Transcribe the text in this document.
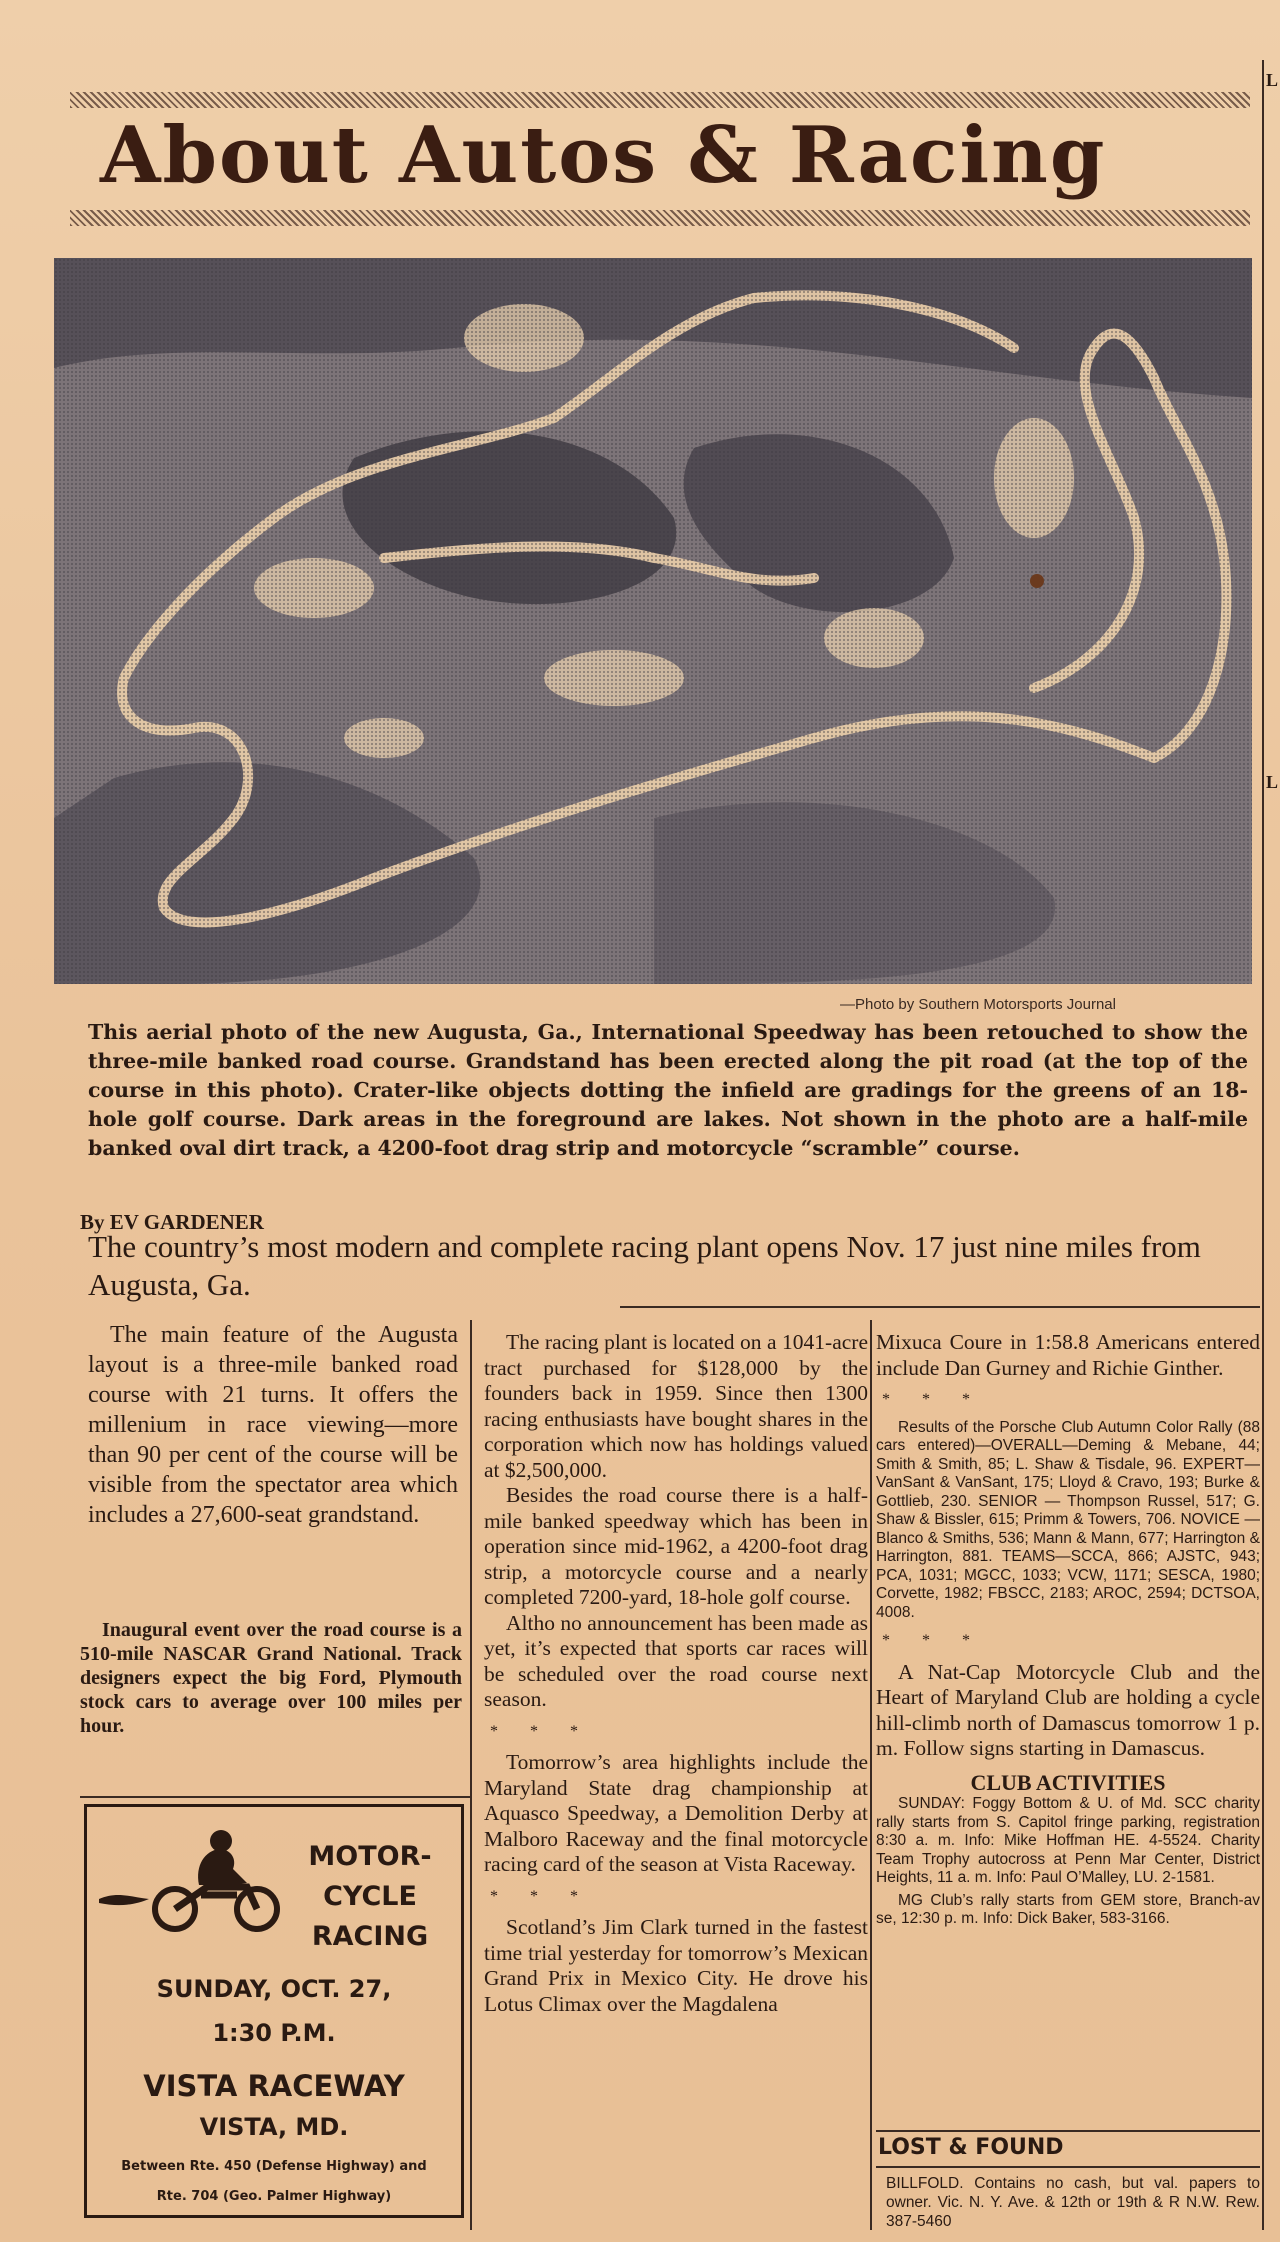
About Autos & Racing
—Photo by Southern Motorsports Journal
This aerial photo of the new Augusta, Ga., International Speedway has been retouched to show the three-mile banked road course. Grandstand has been erected along the pit road (at the top of the course in this photo). Crater-like objects dotting the infield are gradings for the greens of an 18-hole golf course. Dark areas in the foreground are lakes. Not shown in the photo are a half-mile banked oval dirt track, a 4200-foot drag strip and motorcycle “scramble” course.
By EV GARDENER
The country’s most modern and complete racing plant opens Nov. 17 just nine miles from Augusta, Ga.

The main feature of the Augusta layout is a three-mile banked road course with 21 turns. It offers the millenium in race viewing—more than 90 per cent of the course will be visible from the spectator area which includes a 27,600-seat grandstand.

Inaugural event over the road course is a 510-mile NASCAR Grand National. Track designers expect the big Ford, Plymouth stock cars to average over 100 miles per hour.

The racing plant is located on a 1041-acre tract purchased for $128,000 by the founders back in 1959. Since then 1300 racing enthusiasts have bought shares in the corporation which now has holdings valued at $2,500,000.

Besides the road course there is a half-mile banked speedway which has been in operation since mid-1962, a 4200-foot drag strip, a motorcycle course and a nearly completed 7200-yard, 18-hole golf course.

Altho no announcement has been made as yet, it’s expected that sports car races will be scheduled over the road course next season.

* * *

Tomorrow’s area highlights include the Maryland State drag championship at Aquasco Speedway, a Demolition Derby at Malboro Raceway and the final motorcycle racing card of the season at Vista Raceway.

* * *

Scotland’s Jim Clark turned in the fastest time trial yesterday for tomorrow’s Mexican Grand Prix in Mexico City. He drove his Lotus Climax over the Magdalena

Mixuca Coure in 1:58.8 Americans entered include Dan Gurney and Richie Ginther.

* * *

Results of the Porsche Club Autumn Color Rally (88 cars entered)—OVERALL—Deming & Mebane, 44; Smith & Smith, 85; L. Shaw & Tisdale, 96. EXPERT—VanSant & VanSant, 175; Lloyd & Cravo, 193; Burke & Gottlieb, 230. SENIOR — Thompson Russel, 517; G. Shaw & Bissler, 615; Primm & Towers, 706. NOVICE — Blanco & Smiths, 536; Mann & Mann, 677; Harrington & Harrington, 881. TEAMS—SCCA, 866; AJSTC, 943; PCA, 1031; MGCC, 1033; VCW, 1171; SESCA, 1980; Corvette, 1982; FBSCC, 2183; AROC, 2594; DCTSOA, 4008.

* * *

A Nat-Cap Motorcycle Club and the Heart of Maryland Club are holding a cycle hill-climb north of Damascus tomorrow 1 p. m. Follow signs starting in Damascus.

CLUB ACTIVITIES

SUNDAY: Foggy Bottom & U. of Md. SCC charity rally starts from S. Capitol fringe parking, registration 8:30 a. m. Info: Mike Hoffman HE. 4-5524. Charity Team Trophy autocross at Penn Mar Center, District Heights, 11 a. m. Info: Paul O’Malley, LU. 2-1581.

MG Club’s rally starts from GEM store, Branch-av se, 12:30 p. m. Info: Dick Baker, 583-3166.

MOTOR-
CYCLE
RACING
SUNDAY, OCT. 27,
1:30 P.M.
VISTA RACEWAY
VISTA, MD.
Between Rte. 450 (Defense Highway) and
Rte. 704 (Geo. Palmer Highway)
LOST & FOUND
BILLFOLD. Contains no cash, but val. papers to owner. Vic. N. Y. Ave. & 12th or 19th & R N.W. Rew. 387-5460
L
L
